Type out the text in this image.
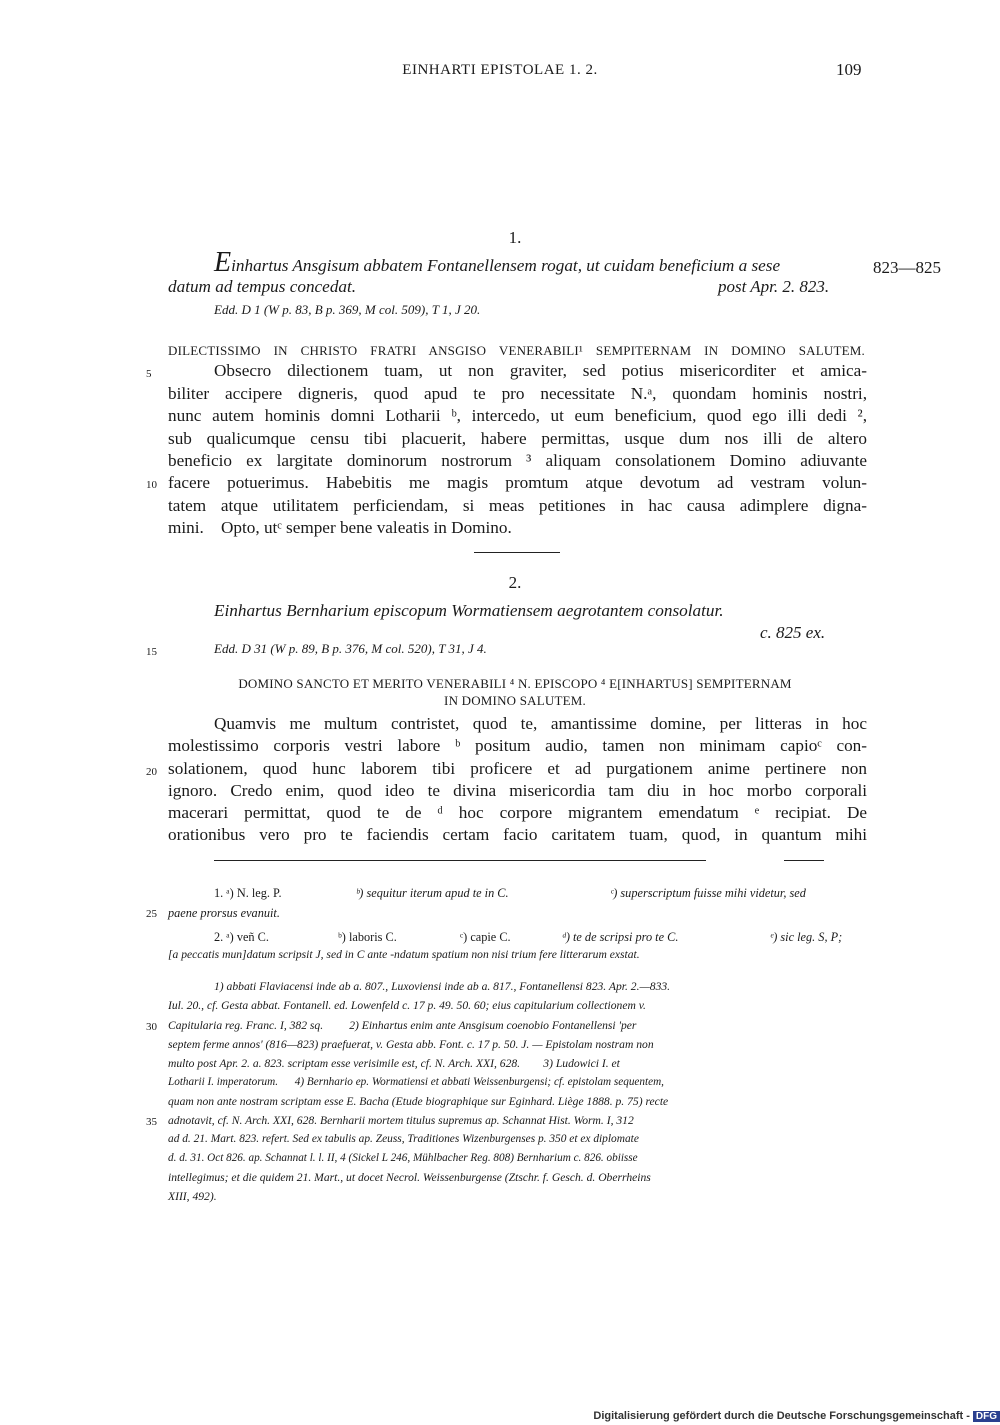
EINHARTI EPISTOLAE 1. 2.	109
1.
Einhartus Ansgisum abbatem Fontanellensem rogat, ut cuidam beneficium a sese	823—825
datum ad tempus concedat.	post Apr. 2. 823.
Edd. D 1 (W p. 83, B p. 369, M col. 509), T 1, J 20.
DILECTISSIMO IN CHRISTO FRATRI ANSGISO VENERABILI¹ SEMPITERNAM IN DOMINO SALUTEM.
5	Obsecro dilectionem tuam, ut non graviter, sed potius misericorditer et amica-
biliter accipere digneris, quod apud te pro necessitate N.ᵃ, quondam hominis nostri,
nunc autem hominis domni Lotharii ᵇ, intercedo, ut eum beneficium, quod ego illi dedi ²,
sub qualicumque censu tibi placuerit, habere permittas, usque dum nos illi de altero
beneficio ex largitate dominorum nostrorum ³ aliquam consolationem Domino adiuvante
10 facere potuerimus. Habebitis me magis promtum atque devotum ad vestram volun-
tatem atque utilitatem perficiendam, si meas petitiones in hac causa adimplere digna-
mini.    Opto, utᶜ semper bene valeatis in Domino.
2.
Einhartus Bernharium episcopum Wormatiensem aegrotantem consolatur.
c. 825 ex.
15	Edd. D 31 (W p. 89, B p. 376, M col. 520), T 31, J 4.
DOMINO SANCTO ET MERITO VENERABILI ⁴ N. EPISCOPO ⁴ E[INHARTUS] SEMPITERNAM
IN DOMINO SALUTEM.
Quamvis me multum contristet, quod te, amantissime domine, per litteras in hoc
molestissimo corporis vestri labore ᵇ positum audio, tamen non minimam capioᶜ con-
20 solationem, quod hunc laborem tibi proficere et ad purgationem anime pertinere non
ignoro. Credo enim, quod ideo te divina misericordia tam diu in hoc morbo corporali
macerari permittat, quod te de ᵈ hoc corpore migrantem emendatum ᵉ recipiat. De
orationibus vero pro te faciendis certam facio caritatem tuam, quod, in quantum mihi
1. ᵃ) N. leg. P.	ᵇ) sequitur iterum apud te in C.	ᶜ) superscriptum fuisse mihi videtur, sed
25 paene prorsus evanuit.
2. ᵃ) veñ C.	ᵇ) laboris C.	ᶜ) capie C.	ᵈ) te de scripsi pro te C.	ᵉ) sic leg. S, P;
[a peccatis mun]datum scripsit J, sed in C ante -ndatum spatium non nisi trium fere litterarum exstat.
1) abbati Flaviacensi inde ab a. 807., Luxoviensi inde ab a. 817., Fontanellensi 823. Apr. 2.—833.
Iul. 20., cf. Gesta abbat. Fontanell. ed. Lowenfeld c. 17 p. 49. 50. 60; eius capitularium collectionem v.
30 Capitularia reg. Franc. I, 382 sq.         2) Einhartus enim ante Ansgisum coenobio Fontanellensi 'per
septem ferme annos' (816—823) praefuerat, v. Gesta abb. Font. c. 17 p. 50. J. — Epistolam nostram non
multo post Apr. 2. a. 823. scriptam esse verisimile est, cf. N. Arch. XXI, 628.        3) Ludowici I. et
Lotharii I. imperatorum.      4) Bernhario ep. Wormatiensi et abbati Weissenburgensi; cf. epistolam sequentem,
quam non ante nostram scriptam esse E. Bacha (Etude biographique sur Eginhard. Liège 1888. p. 75) recte
35 adnotavit, cf. N. Arch. XXI, 628. Bernharii mortem titulus supremus ap. Schannat Hist. Worm. I, 312
ad d. 21. Mart. 823. refert. Sed ex tabulis ap. Zeuss, Traditiones Wizenburgenses p. 350 et ex diplomate
d. d. 31. Oct 826. ap. Schannat l. l. II, 4 (Sickel L 246, Mühlbacher Reg. 808) Bernharium c. 826. obiisse
intellegimus; et die quidem 21. Mart., ut docet Necrol. Weissenburgense (Ztschr. f. Gesch. d. Oberrheins
XIII, 492).
Digitalisierung gefördert durch die Deutsche Forschungsgemeinschaft - DFG
